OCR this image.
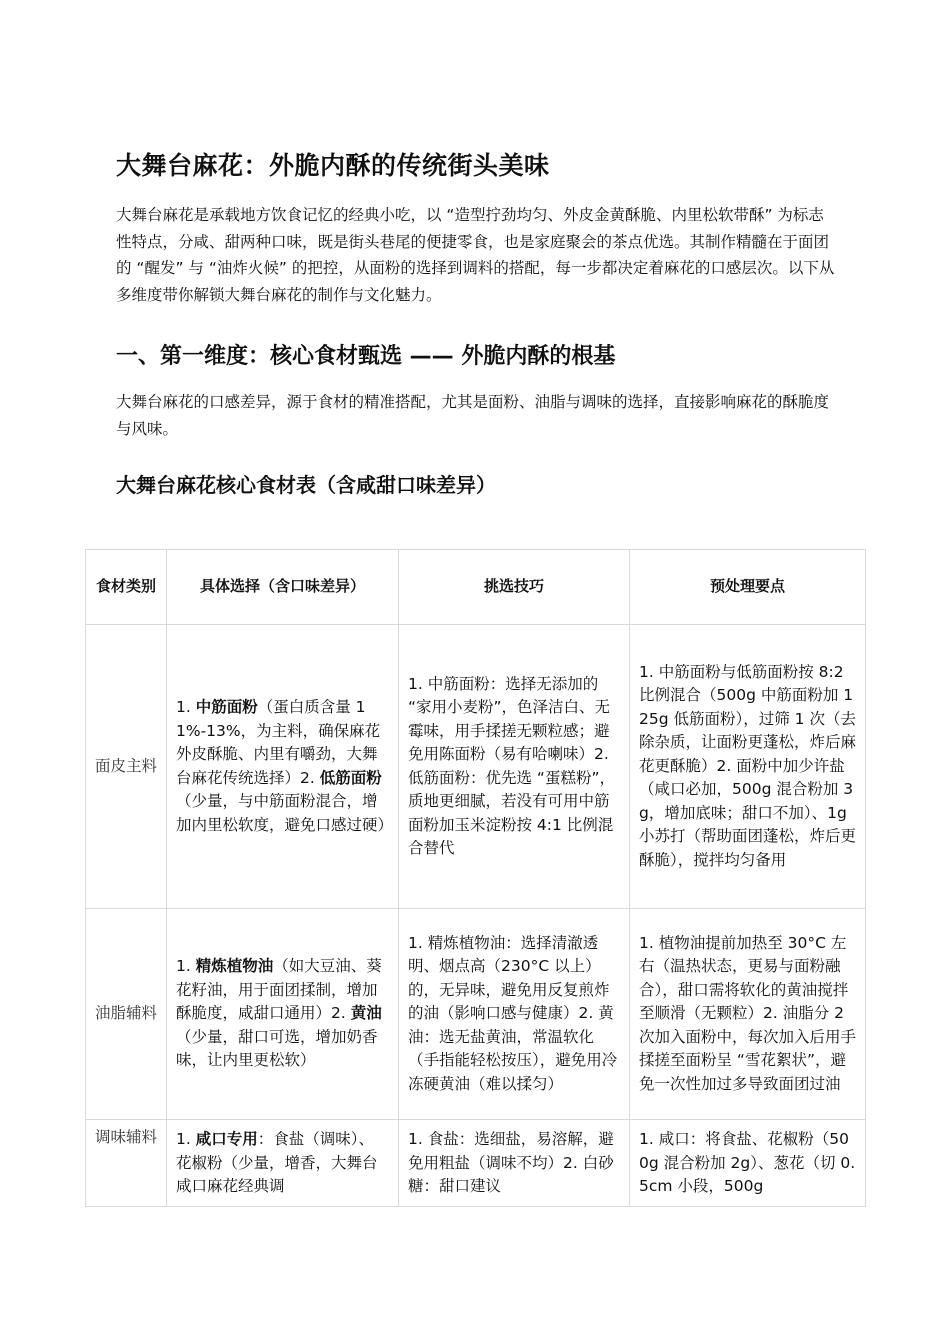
大舞台麻花：外脆内酥的传统街头美味

大舞台麻花是承载地方饮食记忆的经典小吃，以 “造型拧劲均匀、外皮金黄酥脆、内里松软带酥” 为标志性特点，分咸、甜两种口味，既是街头巷尾的便捷零食，也是家庭聚会的茶点优选。其制作精髓在于面团的 “醒发” 与 “油炸火候” 的把控，从面粉的选择到调料的搭配，每一步都决定着麻花的口感层次。以下从多维度带你解锁大舞台麻花的制作与文化魅力。

一、第一维度：核心食材甄选 —— 外脆内酥的根基

大舞台麻花的口感差异，源于食材的精准搭配，尤其是面粉、油脂与调味的选择，直接影响麻花的酥脆度与风味。

大舞台麻花核心食材表（含咸甜口味差异）
食材类别	具体选择（含口味差异）	挑选技巧	预处理要点
面皮主料	1. 中筋面粉（蛋白质含量 11%-13%，为主料，确保麻花外皮酥脆、内里有嚼劲，大舞台麻花传统选择）2. 低筋面粉（少量，与中筋面粉混合，增加内里松软度，避免口感过硬）	1. 中筋面粉：选择无添加的 “家用小麦粉”，色泽洁白、无霉味，用手揉搓无颗粒感；避免用陈面粉（易有哈喇味）2. 低筋面粉：优先选 “蛋糕粉”，质地更细腻，若没有可用中筋面粉加玉米淀粉按 4:1 比例混合替代	1. 中筋面粉与低筋面粉按 8:2 比例混合（500g 中筋面粉加 125g 低筋面粉），过筛 1 次（去除杂质，让面粉更蓬松，炸后麻花更酥脆）2. 面粉中加少许盐（咸口必加，500g 混合粉加 3g，增加底味；甜口不加）、1g 小苏打（帮助面团蓬松，炸后更酥脆），搅拌均匀备用
油脂辅料	1. 精炼植物油（如大豆油、葵花籽油，用于面团揉制，增加酥脆度，咸甜口通用）2. 黄油（少量，甜口可选，增加奶香味，让内里更松软）	1. 精炼植物油：选择清澈透明、烟点高（230°C 以上）的，无异味，避免用反复煎炸的油（影响口感与健康）2. 黄油：选无盐黄油，常温软化（手指能轻松按压），避免用冷冻硬黄油（难以揉匀）	1. 植物油提前加热至 30°C 左右（温热状态，更易与面粉融合），甜口需将软化的黄油搅拌至顺滑（无颗粒）2. 油脂分 2 次加入面粉中，每次加入后用手揉搓至面粉呈 “雪花絮状”，避免一次性加过多导致面团过油

调味辅料	1. 咸口专用：食盐（调味）、花椒粉（少量，增香，大舞台咸口麻花经典调	1. 食盐：选细盐，易溶解，避免用粗盐（调味不均）2. 白砂糖：甜口建议	1. 咸口：将食盐、花椒粉（500g 混合粉加 2g）、葱花（切 0.5cm 小段，500g
